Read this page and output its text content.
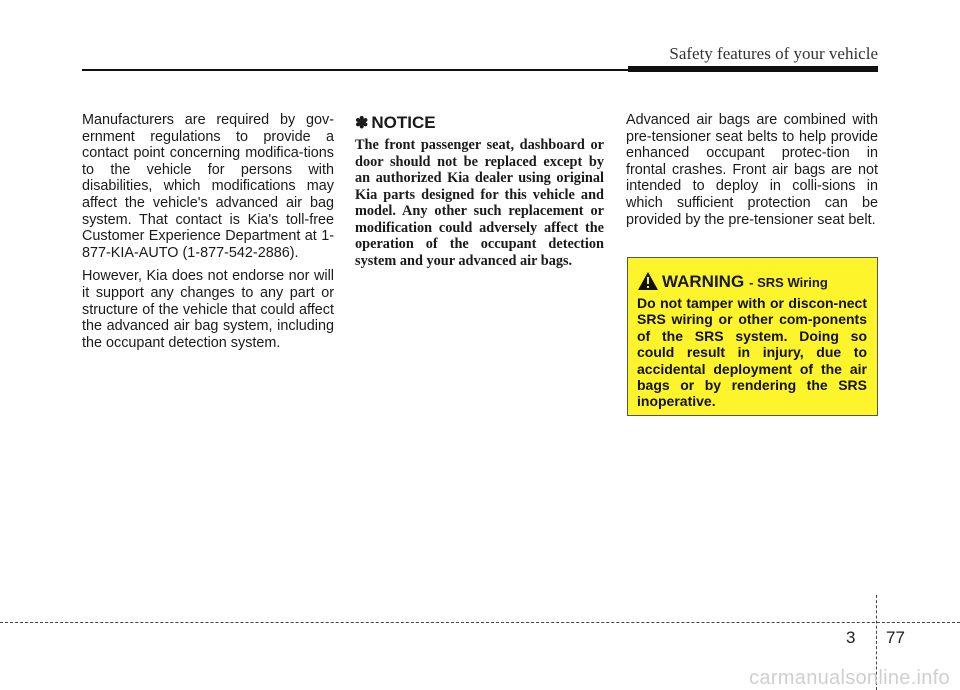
Safety features of your vehicle

Manufacturers are required by gov-ernment regulations to provide a contact point concerning modifica-tions to the vehicle for persons with disabilities, which modifications may affect the vehicle's advanced air bag system. That contact is Kia's toll-free Customer Experience Department at 1-877-KIA-AUTO (1-877-542-2886).

However, Kia does not endorse nor will it support any changes to any part or structure of the vehicle that could affect the advanced air bag system, including the occupant detection system.

✽ NOTICE

The front passenger seat, dashboard or door should not be replaced except by an authorized Kia dealer using original Kia parts designed for this vehicle and model. Any other such replacement or modification could adversely affect the operation of the occupant detection system and your advanced air bags.

Advanced air bags are combined with pre-tensioner seat belts to help provide enhanced occupant protec-tion in frontal crashes. Front air bags are not intended to deploy in colli-sions in which sufficient protection can be provided by the pre-tensioner seat belt.

WARNING - SRS Wiring

Do not tamper with or discon-nect SRS wiring or other com-ponents of the SRS system. Doing so could result in injury, due to accidental deployment of the air bags or by rendering the SRS inoperative.

3 77
carmanualsonline.info
